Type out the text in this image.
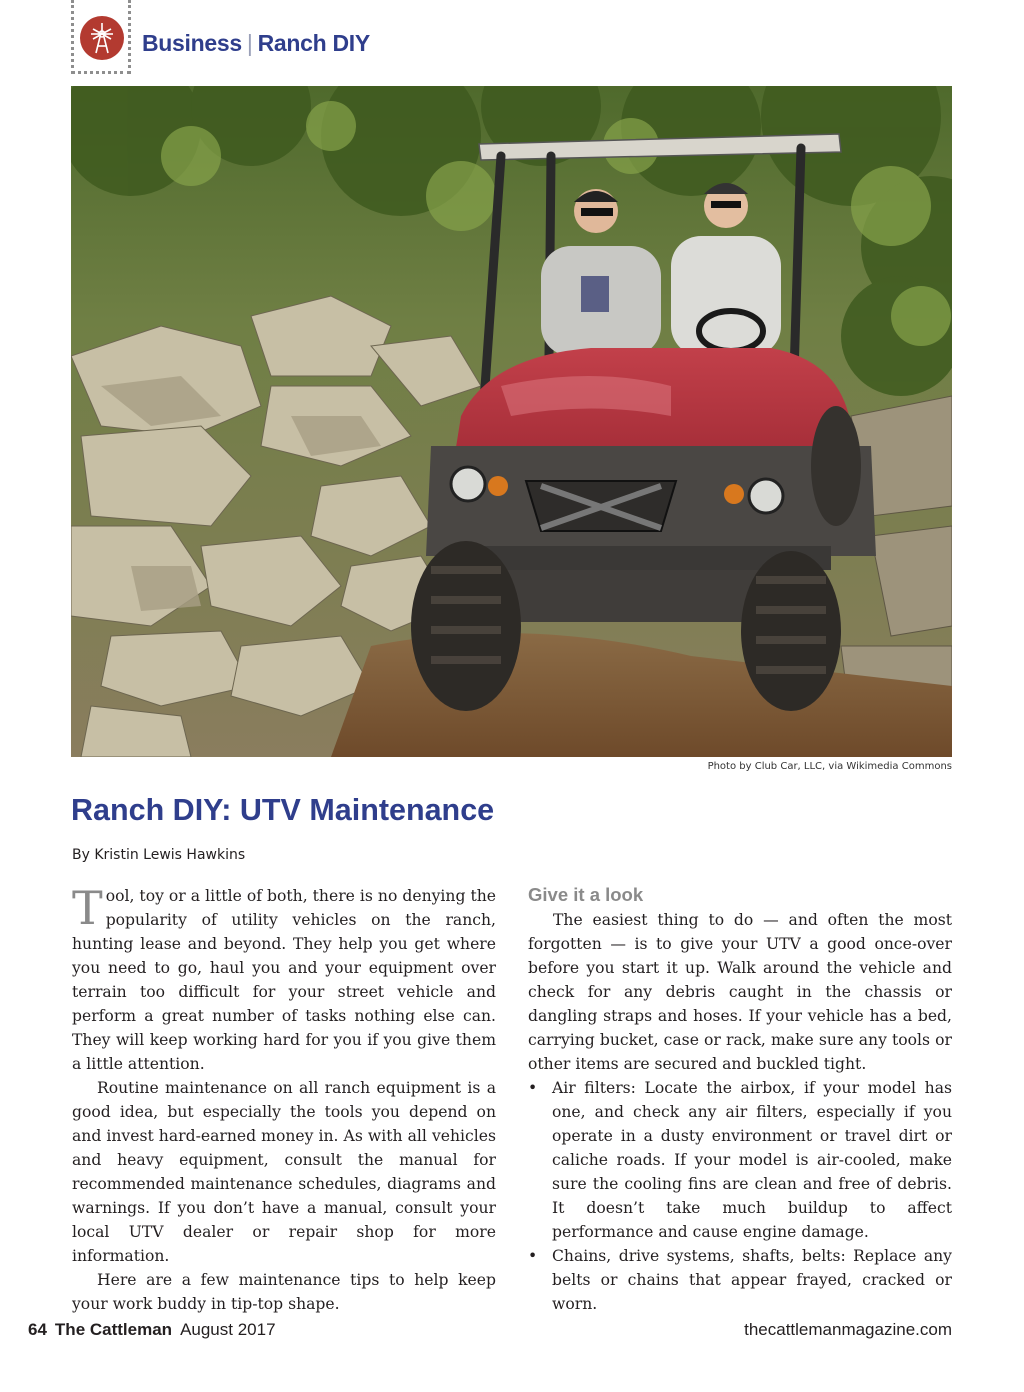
Business | Ranch DIY
Photo by Club Car, LLC, via Wikimedia Commons
Ranch DIY: UTV Maintenance
By Kristin Lewis Hawkins

Tool, toy or a little of both, there is no denying the popularity of utility vehicles on the ranch, hunting lease and beyond. They help you get where you need to go, haul you and your equipment over terrain too difficult for your street vehicle and perform a great number of tasks nothing else can. They will keep working hard for you if you give them a little attention.

Routine maintenance on all ranch equipment is a good idea, but especially the tools you depend on and invest hard-earned money in. As with all vehicles and heavy equipment, consult the manual for recommended maintenance schedules, diagrams and warnings. If you don’t have a manual, consult your local UTV dealer or repair shop for more information.

Here are a few maintenance tips to help keep your work buddy in tip-top shape.

Give it a look

The easiest thing to do — and often the most forgotten — is to give your UTV a good once-over before you start it up. Walk around the vehicle and check for any debris caught in the chassis or dangling straps and hoses. If your vehicle has a bed, carrying bucket, case or rack, make sure any tools or other items are secured and buckled tight.

• Air filters: Locate the airbox, if your model has one, and check any air filters, especially if you operate in a dusty environment or travel dirt or caliche roads. If your model is air-cooled, make sure the cooling fins are clean and free of debris. It doesn’t take much buildup to affect performance and cause engine damage.
• Chains, drive systems, shafts, belts: Replace any belts or chains that appear frayed, cracked or worn.
64 The Cattleman August 2017	thecattlemanmagazine.com
